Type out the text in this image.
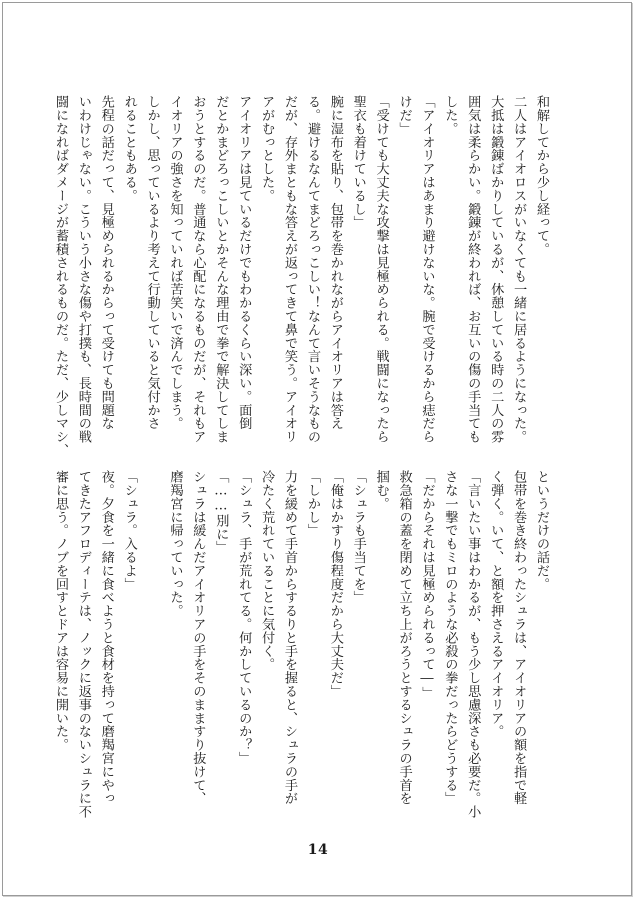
和解してから少し経って。
二人はアイオロスがいなくても一緒に居るようになった。
大抵は鍛錬ばかりしているが、休憩している時の二人の雰
囲気は柔らかい。鍛錬が終われば、お互いの傷の手当ても
した。
「アイオリアはあまり避けないな。腕で受けるから痣だら
けだ」
「受けても大丈夫な攻撃は見極められる。戦闘になったら
聖衣も着けているし」
腕に湿布を貼り、包帯を巻かれながらアイオリアは答え
る。避けるなんてまどろっこしい！なんて言いそうなもの
だが、存外まともな答えが返ってきて鼻で笑う。アイオリ
アがむっとした。
アイオリアは見ているだけでもわかるくらい深い。面倒
だとかまどろっこしいとかそんな理由で拳で解決してしま
おうとするのだ。普通なら心配になるものだが、それもア
イオリアの強さを知っていれば苦笑いで済んでしまう。
しかし、思っているより考えて行動していると気付かさ
れることもある。
先程の話だって、見極められるからって受けても問題な
いわけじゃない。こういう小さな傷や打撲も、長時間の戦
闘になればダメージが蓄積されるものだ。ただ、少しマシ、

というだけの話だ。
包帯を巻き終わったシュラは、アイオリアの額を指で軽
く弾く。いて、と額を押さえるアイオリア。
「言いたい事はわかるが、もう少し思慮深さも必要だ。小
さな一撃でもミロのような必殺の拳だったらどうする」
「だからそれは見極められるって―」
救急箱の蓋を閉めて立ち上がろうとするシュラの手首を
掴む。
「シュラも手当てを」
「俺はかすり傷程度だから大丈夫だ」
「しかし」
力を緩めて手首からするりと手を握ると、シュラの手が
冷たく荒れていることに気付く。
「シュラ、手が荒れてる。何かしているのか？」
「……別に」
シュラは緩んだアイオリアの手をそのまますり抜けて、
磨羯宮に帰っていった。

「シュラ。入るよ」
夜。夕食を一緒に食べようと食材を持って磨羯宮にやっ
てきたアフロディーテは、ノックに返事のないシュラに不
審に思う。ノブを回すとドアは容易に開いた。

14
